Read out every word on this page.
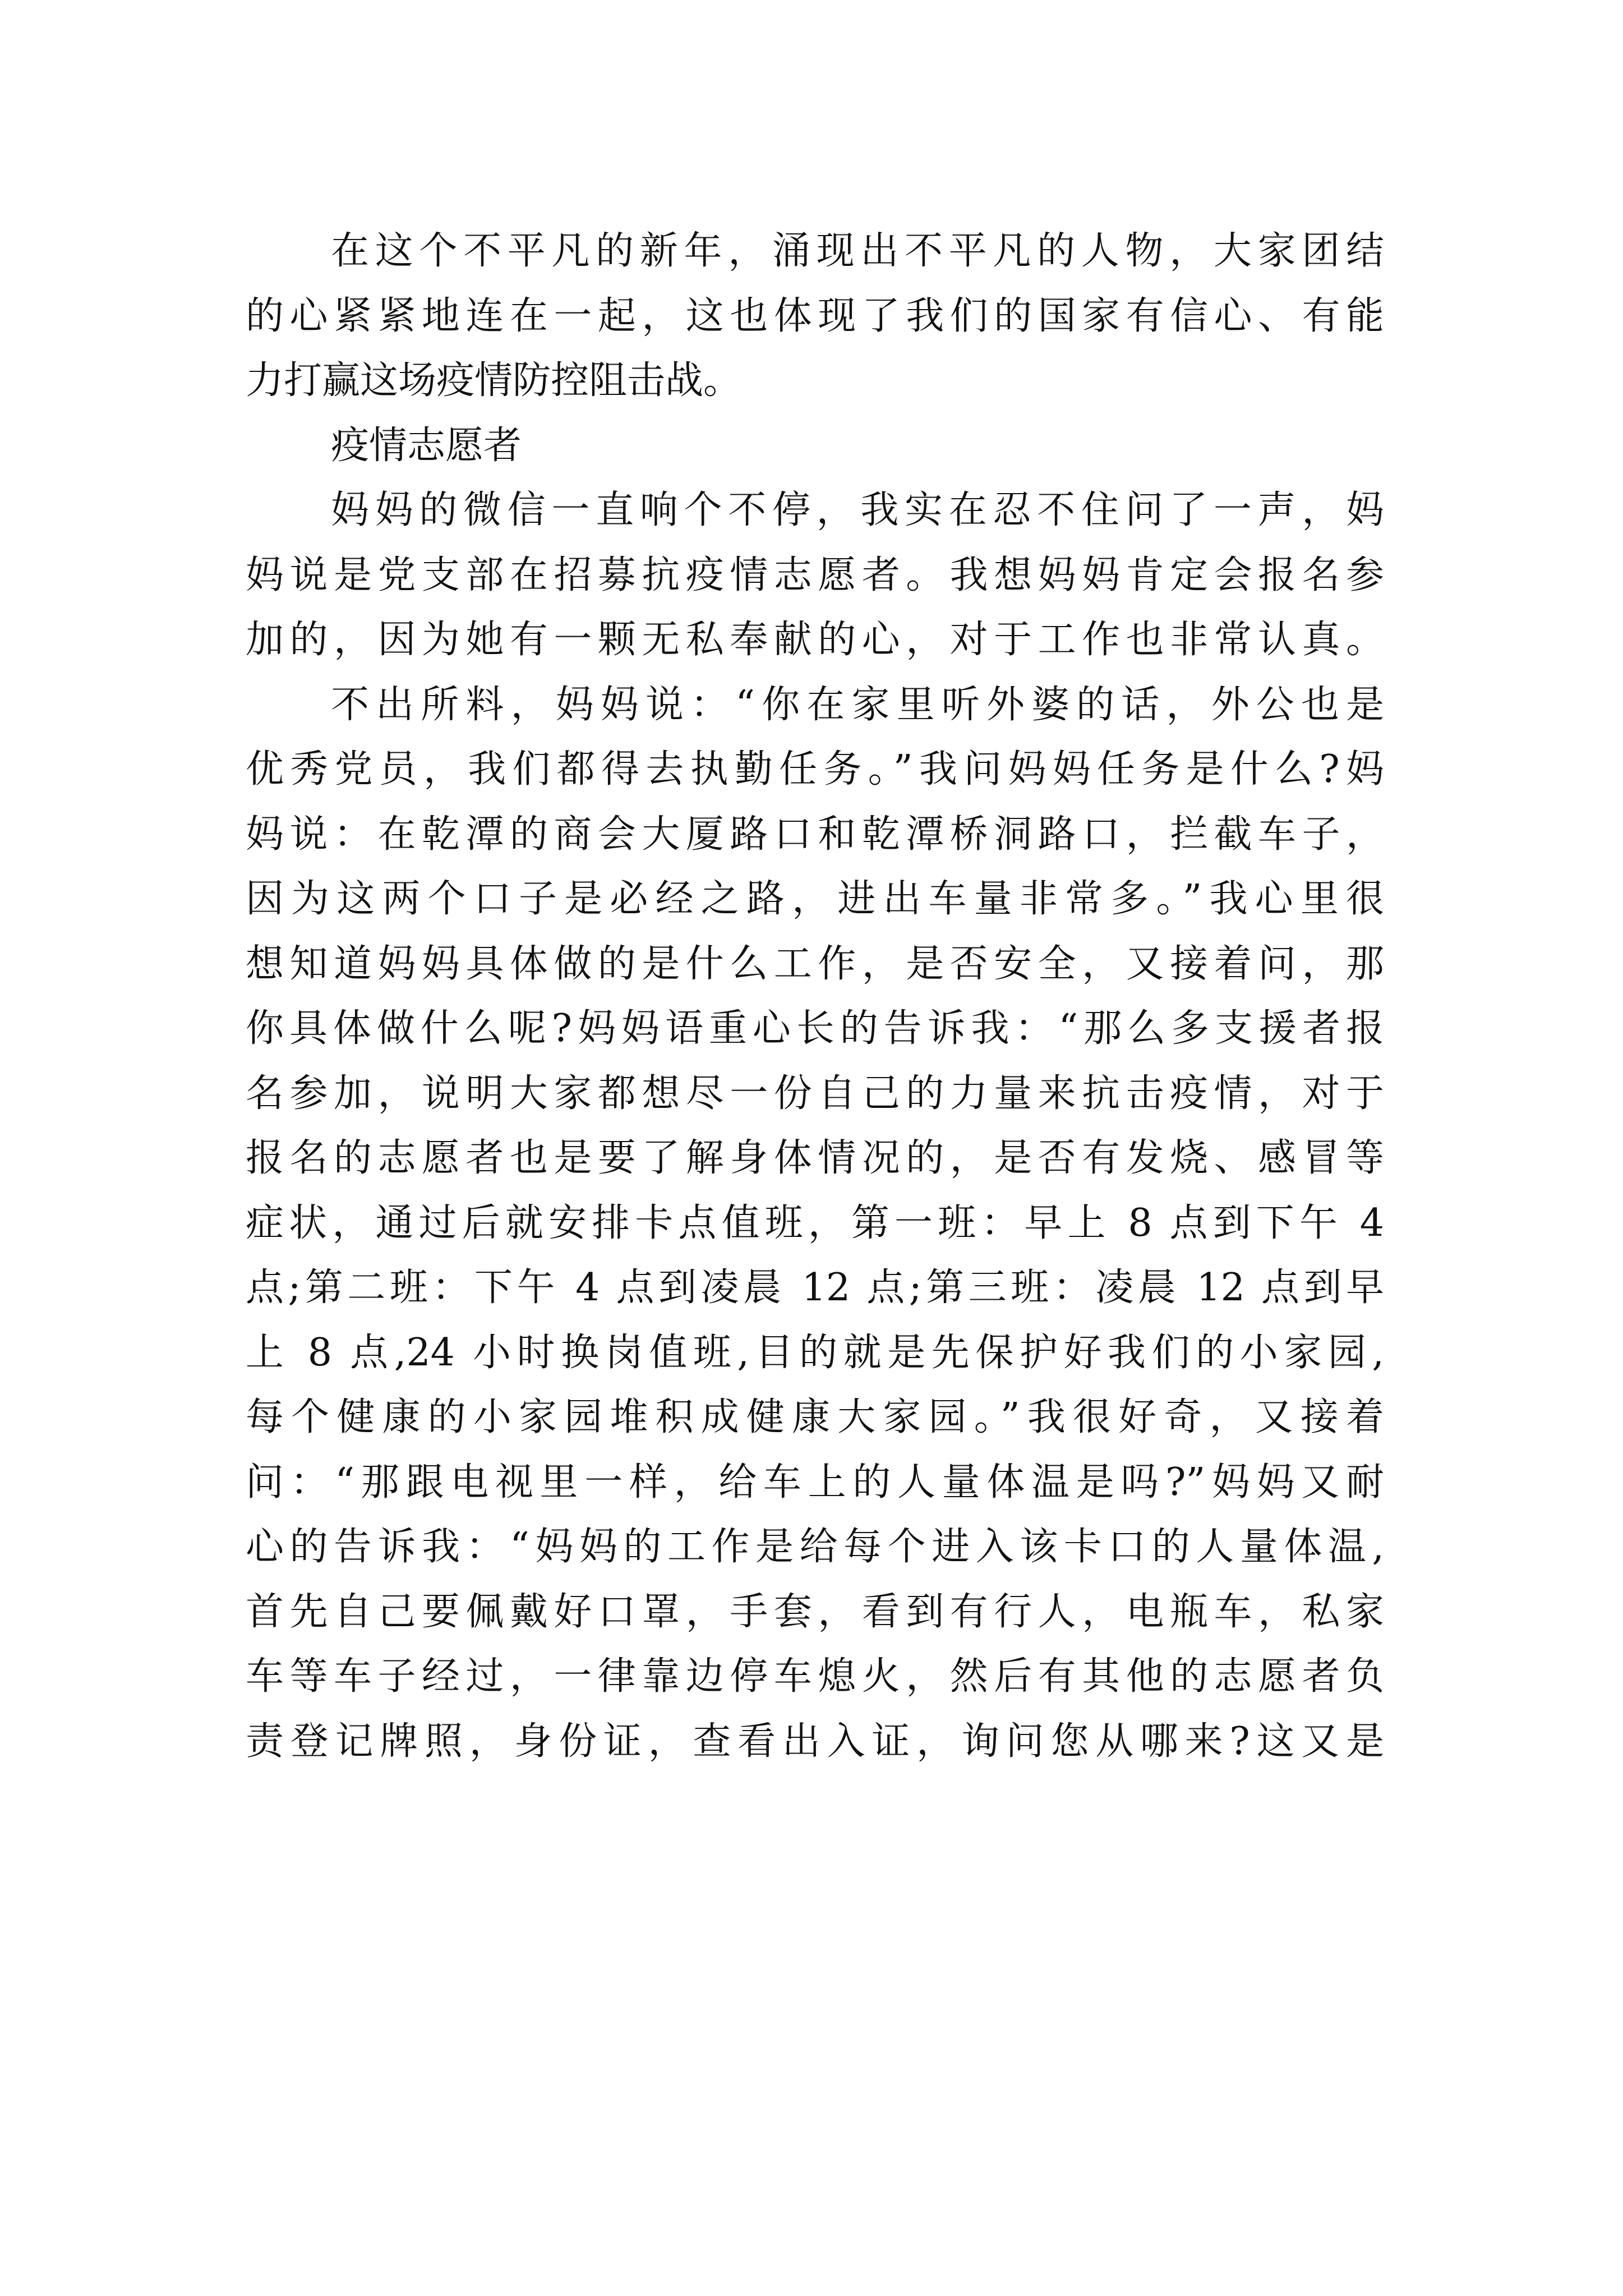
在这个不平凡的新年，涌现出不平凡的人物，大家团结
的心紧紧地连在一起，这也体现了我们的国家有信心、有能
力打赢这场疫情防控阻击战。
疫情志愿者
妈妈的微信一直响个不停，我实在忍不住问了一声，妈
妈说是党支部在招募抗疫情志愿者。我想妈妈肯定会报名参
加的，因为她有一颗无私奉献的心，对于工作也非常认真。
不出所料，妈妈说：“你在家里听外婆的话，外公也是
优秀党员，我们都得去执勤任务。”我问妈妈任务是什么?妈
妈说：在乾潭的商会大厦路口和乾潭桥洞路口，拦截车子，
因为这两个口子是必经之路，进出车量非常多。”我心里很
想知道妈妈具体做的是什么工作，是否安全，又接着问，那
你具体做什么呢?妈妈语重心长的告诉我：“那么多支援者报
名参加，说明大家都想尽一份自己的力量来抗击疫情，对于
报名的志愿者也是要了解身体情况的，是否有发烧、感冒等
症状，通过后就安排卡点值班，第一班：早上 8 点到下午 4
点;第二班：下午 4 点到凌晨 12 点;第三班：凌晨 12 点到早
上 8 点,24 小时换岗值班,目的就是先保护好我们的小家园,
每个健康的小家园堆积成健康大家园。”我很好奇，又接着
问：“那跟电视里一样，给车上的人量体温是吗?”妈妈又耐
心的告诉我：“妈妈的工作是给每个进入该卡口的人量体温,
首先自己要佩戴好口罩，手套，看到有行人，电瓶车，私家
车等车子经过，一律靠边停车熄火，然后有其他的志愿者负
责登记牌照，身份证，查看出入证，询问您从哪来?这又是
